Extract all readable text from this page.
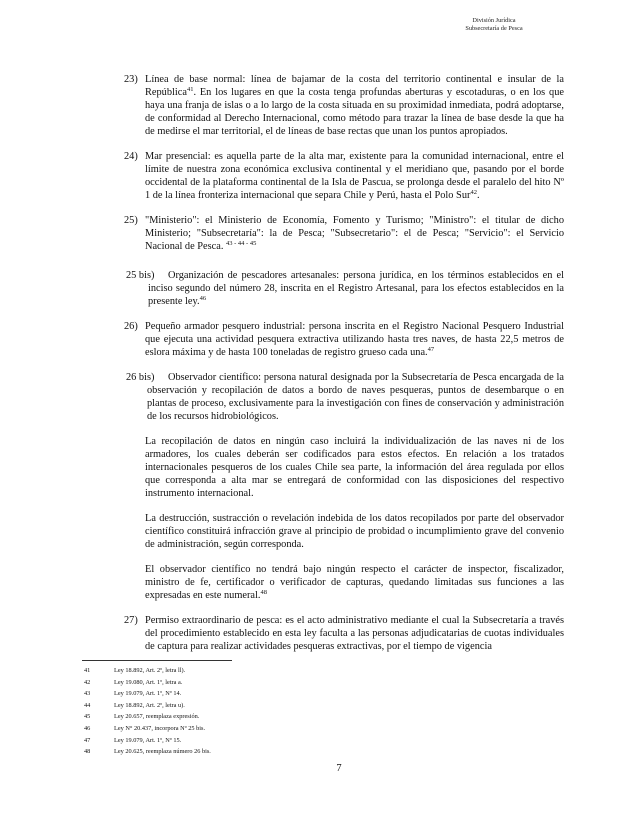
División Jurídica
Subsecretaría de Pesca
23) Línea de base normal: línea de bajamar de la costa del territorio continental e insular de la República$^{41}$. En los lugares en que la costa tenga profundas aberturas y escotaduras, o en los que haya una franja de islas o a lo largo de la costa situada en su proximidad inmediata, podrá adoptarse, de conformidad al Derecho Internacional, como método para trazar la línea de base desde la que ha de medirse el mar territorial, el de líneas de base rectas que unan los puntos apropiados.
24) Mar presencial: es aquella parte de la alta mar, existente para la comunidad internacional, entre el límite de nuestra zona económica exclusiva continental y el meridiano que, pasando por el borde occidental de la plataforma continental de la Isla de Pascua, se prolonga desde el paralelo del hito Nº 1 de la línea fronteriza internacional que separa Chile y Perú, hasta el Polo Sur$^{42}$.
25) "Ministerio": el Ministerio de Economía, Fomento y Turismo; "Ministro": el titular de dicho Ministerio; "Subsecretaría": la de Pesca; "Subsecretario": el de Pesca; "Servicio": el Servicio Nacional de Pesca. $^{43 - 44 - 45}$
25 bis) Organización de pescadores artesanales: persona jurídica, en los términos establecidos en el inciso segundo del número 28, inscrita en el Registro Artesanal, para los efectos establecidos en la presente ley.$^{46}$
26) Pequeño armador pesquero industrial: persona inscrita en el Registro Nacional Pesquero Industrial que ejecuta una actividad pesquera extractiva utilizando hasta tres naves, de hasta 22,5 metros de eslora máxima y de hasta 100 toneladas de registro grueso cada una.$^{47}$
26 bis) Observador científico: persona natural designada por la Subsecretaría de Pesca encargada de la observación y recopilación de datos a bordo de naves pesqueras, puntos de desembarque o en plantas de proceso, exclusivamente para la investigación con fines de conservación y administración de los recursos hidrobiológicos.

La recopilación de datos en ningún caso incluirá la individualización de las naves ni de los armadores, los cuales deberán ser codificados para estos efectos. En relación a los tratados internacionales pesqueros de los cuales Chile sea parte, la información del área regulada por ellos que corresponda a alta mar se entregará de conformidad con las disposiciones del respectivo instrumento internacional.

La destrucción, sustracción o revelación indebida de los datos recopilados por parte del observador científico constituirá infracción grave al principio de probidad o incumplimiento grave del convenio de administración, según corresponda.

El observador científico no tendrá bajo ningún respecto el carácter de inspector, fiscalizador, ministro de fe, certificador o verificador de capturas, quedando limitadas sus funciones a las expresadas en este numeral.$^{48}$

27) Permiso extraordinario de pesca: es el acto administrativo mediante el cual la Subsecretaría a través del procedimiento establecido en esta ley faculta a las personas adjudicatarias de cuotas individuales de captura para realizar actividades pesqueras extractivas, por el tiempo de vigencia
41	Ley 18.892, Art. 2º, letra ll).
42	Ley 19.080, Art. 1º, letra a.
43	Ley 19.079, Art. 1º, Nº 14.
44	Ley 18.892, Art. 2º, letra u).
45	Ley 20.657, reemplaza expresión.
46	Ley N° 20.437, incorpora Nº 25 bis.
47	Ley 19.079, Art. 1º, Nº 15.
48	Ley 20.625, reemplaza número 26 bis.
7
